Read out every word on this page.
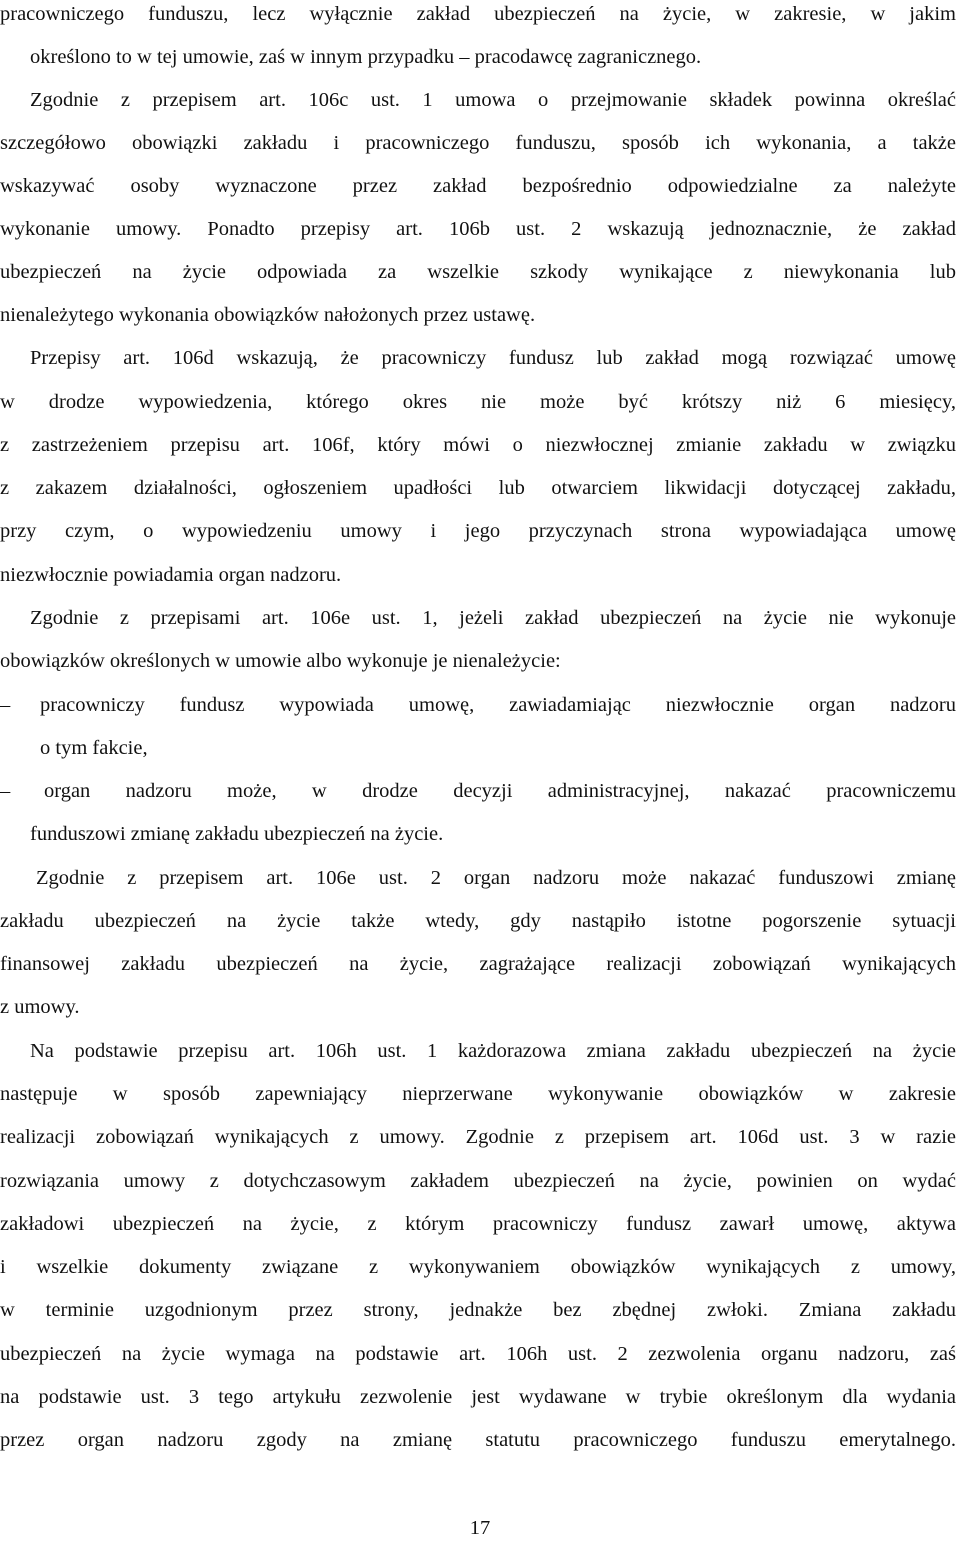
pracowniczego funduszu, lecz wyłącznie zakład ubezpieczeń na życie, w zakresie, w jakim
określono to w tej umowie, zaś w innym przypadku – pracodawcę zagranicznego.
Zgodnie z przepisem art. 106c ust. 1 umowa o przejmowanie składek powinna określać
szczegółowo obowiązki zakładu i pracowniczego funduszu, sposób ich wykonania, a także
wskazywać osoby wyznaczone przez zakład bezpośrednio odpowiedzialne za należyte
wykonanie umowy. Ponadto przepisy art. 106b ust. 2 wskazują jednoznacznie, że zakład
ubezpieczeń na życie odpowiada za wszelkie szkody wynikające z niewykonania lub
nienależytego wykonania obowiązków nałożonych przez ustawę.
Przepisy art. 106d wskazują, że pracowniczy fundusz lub zakład mogą rozwiązać umowę
w drodze wypowiedzenia, którego okres nie może być krótszy niż 6 miesięcy,
z zastrzeżeniem przepisu art. 106f, który mówi o niezwłocznej zmianie zakładu w związku
z zakazem działalności, ogłoszeniem upadłości lub otwarciem likwidacji dotyczącej zakładu,
przy czym, o wypowiedzeniu umowy i jego przyczynach strona wypowiadająca umowę
niezwłocznie powiadamia organ nadzoru.
Zgodnie z przepisami art. 106e ust. 1, jeżeli zakład ubezpieczeń na życie nie wykonuje
obowiązków określonych w umowie albo wykonuje je nienależycie:
– pracowniczy fundusz wypowiada umowę, zawiadamiając niezwłocznie organ nadzoru
o tym fakcie,
– organ nadzoru może, w drodze decyzji administracyjnej, nakazać pracowniczemu
funduszowi zmianę zakładu ubezpieczeń na życie.
Zgodnie z przepisem art. 106e ust. 2 organ nadzoru może nakazać funduszowi zmianę
zakładu ubezpieczeń na życie także wtedy, gdy nastąpiło istotne pogorszenie sytuacji
finansowej zakładu ubezpieczeń na życie, zagrażające realizacji zobowiązań wynikających
z umowy.
Na podstawie przepisu art. 106h ust. 1 każdorazowa zmiana zakładu ubezpieczeń na życie
następuje w sposób zapewniający nieprzerwane wykonywanie obowiązków w zakresie
realizacji zobowiązań wynikających z umowy. Zgodnie z przepisem art. 106d ust. 3 w razie
rozwiązania umowy z dotychczasowym zakładem ubezpieczeń na życie, powinien on wydać
zakładowi ubezpieczeń na życie, z którym pracowniczy fundusz zawarł umowę, aktywa
i wszelkie dokumenty związane z wykonywaniem obowiązków wynikających z umowy,
w terminie uzgodnionym przez strony, jednakże bez zbędnej zwłoki. Zmiana zakładu
ubezpieczeń na życie wymaga na podstawie art. 106h ust. 2 zezwolenia organu nadzoru, zaś
na podstawie ust. 3 tego artykułu zezwolenie jest wydawane w trybie określonym dla wydania
przez organ nadzoru zgody na zmianę statutu pracowniczego funduszu emerytalnego.
17
